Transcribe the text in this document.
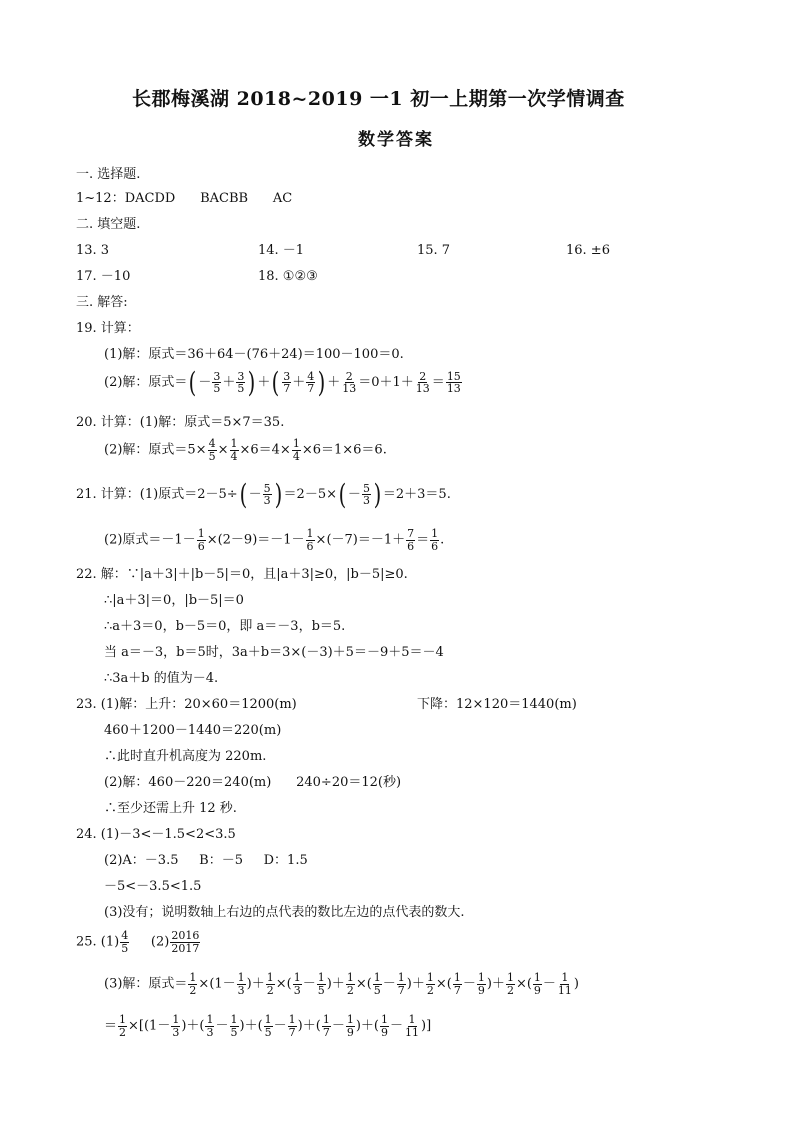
长郡梅溪湖 2018~2019 一1 初一上期第一次学情调查
数学答案
一. 选择题.
1~12：DACDD      BACBB      AC
二. 填空题.
13. 3	14. －1	15. 7	16. ±6
17. －10	18. ①②③
三. 解答:
19. 计算：
(1)解：原式＝36＋64－(76＋24)＝100－100＝0.
(2)解：原式＝( － $\frac{3}{5} + \frac{3}{5}$ ) ＋( $\frac{3}{7} + \frac{4}{7}$ ) ＋ $\frac{2}{13} =0+1+ \frac{2}{13} = \frac{15}{13}$
20. 计算：(1)解：原式＝5×7＝35.
(2)解：原式$=5\times \frac{4}{5} \times \frac{1}{4} \times 6=4\times \frac{1}{4} \times 6=1\times 6=6$.
21. 计算：(1)原式$=2-5\div( - \frac{5}{3}$ ) $=2-5\times( - \frac{5}{3}$ ) ＝2＋3＝5.
(2)原式$=-1- \frac{1}{6} \times(2-9)=-1- \frac{1}{6} \times(-7)=-1+ \frac{7}{6} = \frac{1}{6}$ .
22. 解：∵|a＋3|＋|b－5|＝0，且|a＋3|≥0，|b－5|≥0.
∴|a＋3|＝0，|b－5|＝0
∴a＋3＝0，b－5＝0，即 a＝－3，b＝5.
当 a＝－3，b＝5时，3a＋b＝3×(－3)＋5＝－9＋5＝－4
∴3a＋b 的值为－4.
23. (1)解：上升：20×60＝1200(m)	下降：12×120＝1440(m)
460＋1200－1440＝220(m)
∴此时直升机高度为 220m.
(2)解：460－220＝240(m)      240÷20＝12(秒)
∴至少还需上升 12 秒.
24. (1)－3<－1.5<2<3.5
(2)A：－3.5     B：－5     D：1.5
－5<－3.5<1.5
(3)没有；说明数轴上右边的点代表的数比左边的点代表的数大.
25. $(1) \frac{4}{5} (2) \frac{2016}{2017}$
(3)解：原式＝ $\frac{1}{2} \times(1- \frac{1}{3}$ )＋ $\frac{1}{2}$ ×( $\frac{1}{3} - \frac{1}{5}$ )＋ $\frac{1}{2}$ ×( $\frac{1}{5} - \frac{1}{7}$ )＋ $\frac{1}{2}$ ×( $\frac{1}{7} - \frac{1}{9}$ )＋ $\frac{1}{2}$ ×( $\frac{1}{9} - \frac{1}{11}$ )
＝ $\frac{1}{2} \times[(1- \frac{1}{3}$ )＋( $\frac{1}{3} - \frac{1}{5}$ )＋( $\frac{1}{5} - \frac{1}{7}$ )＋( $\frac{1}{7} - \frac{1}{9}$ )＋( $\frac{1}{9} - \frac{1}{11}$ )]
